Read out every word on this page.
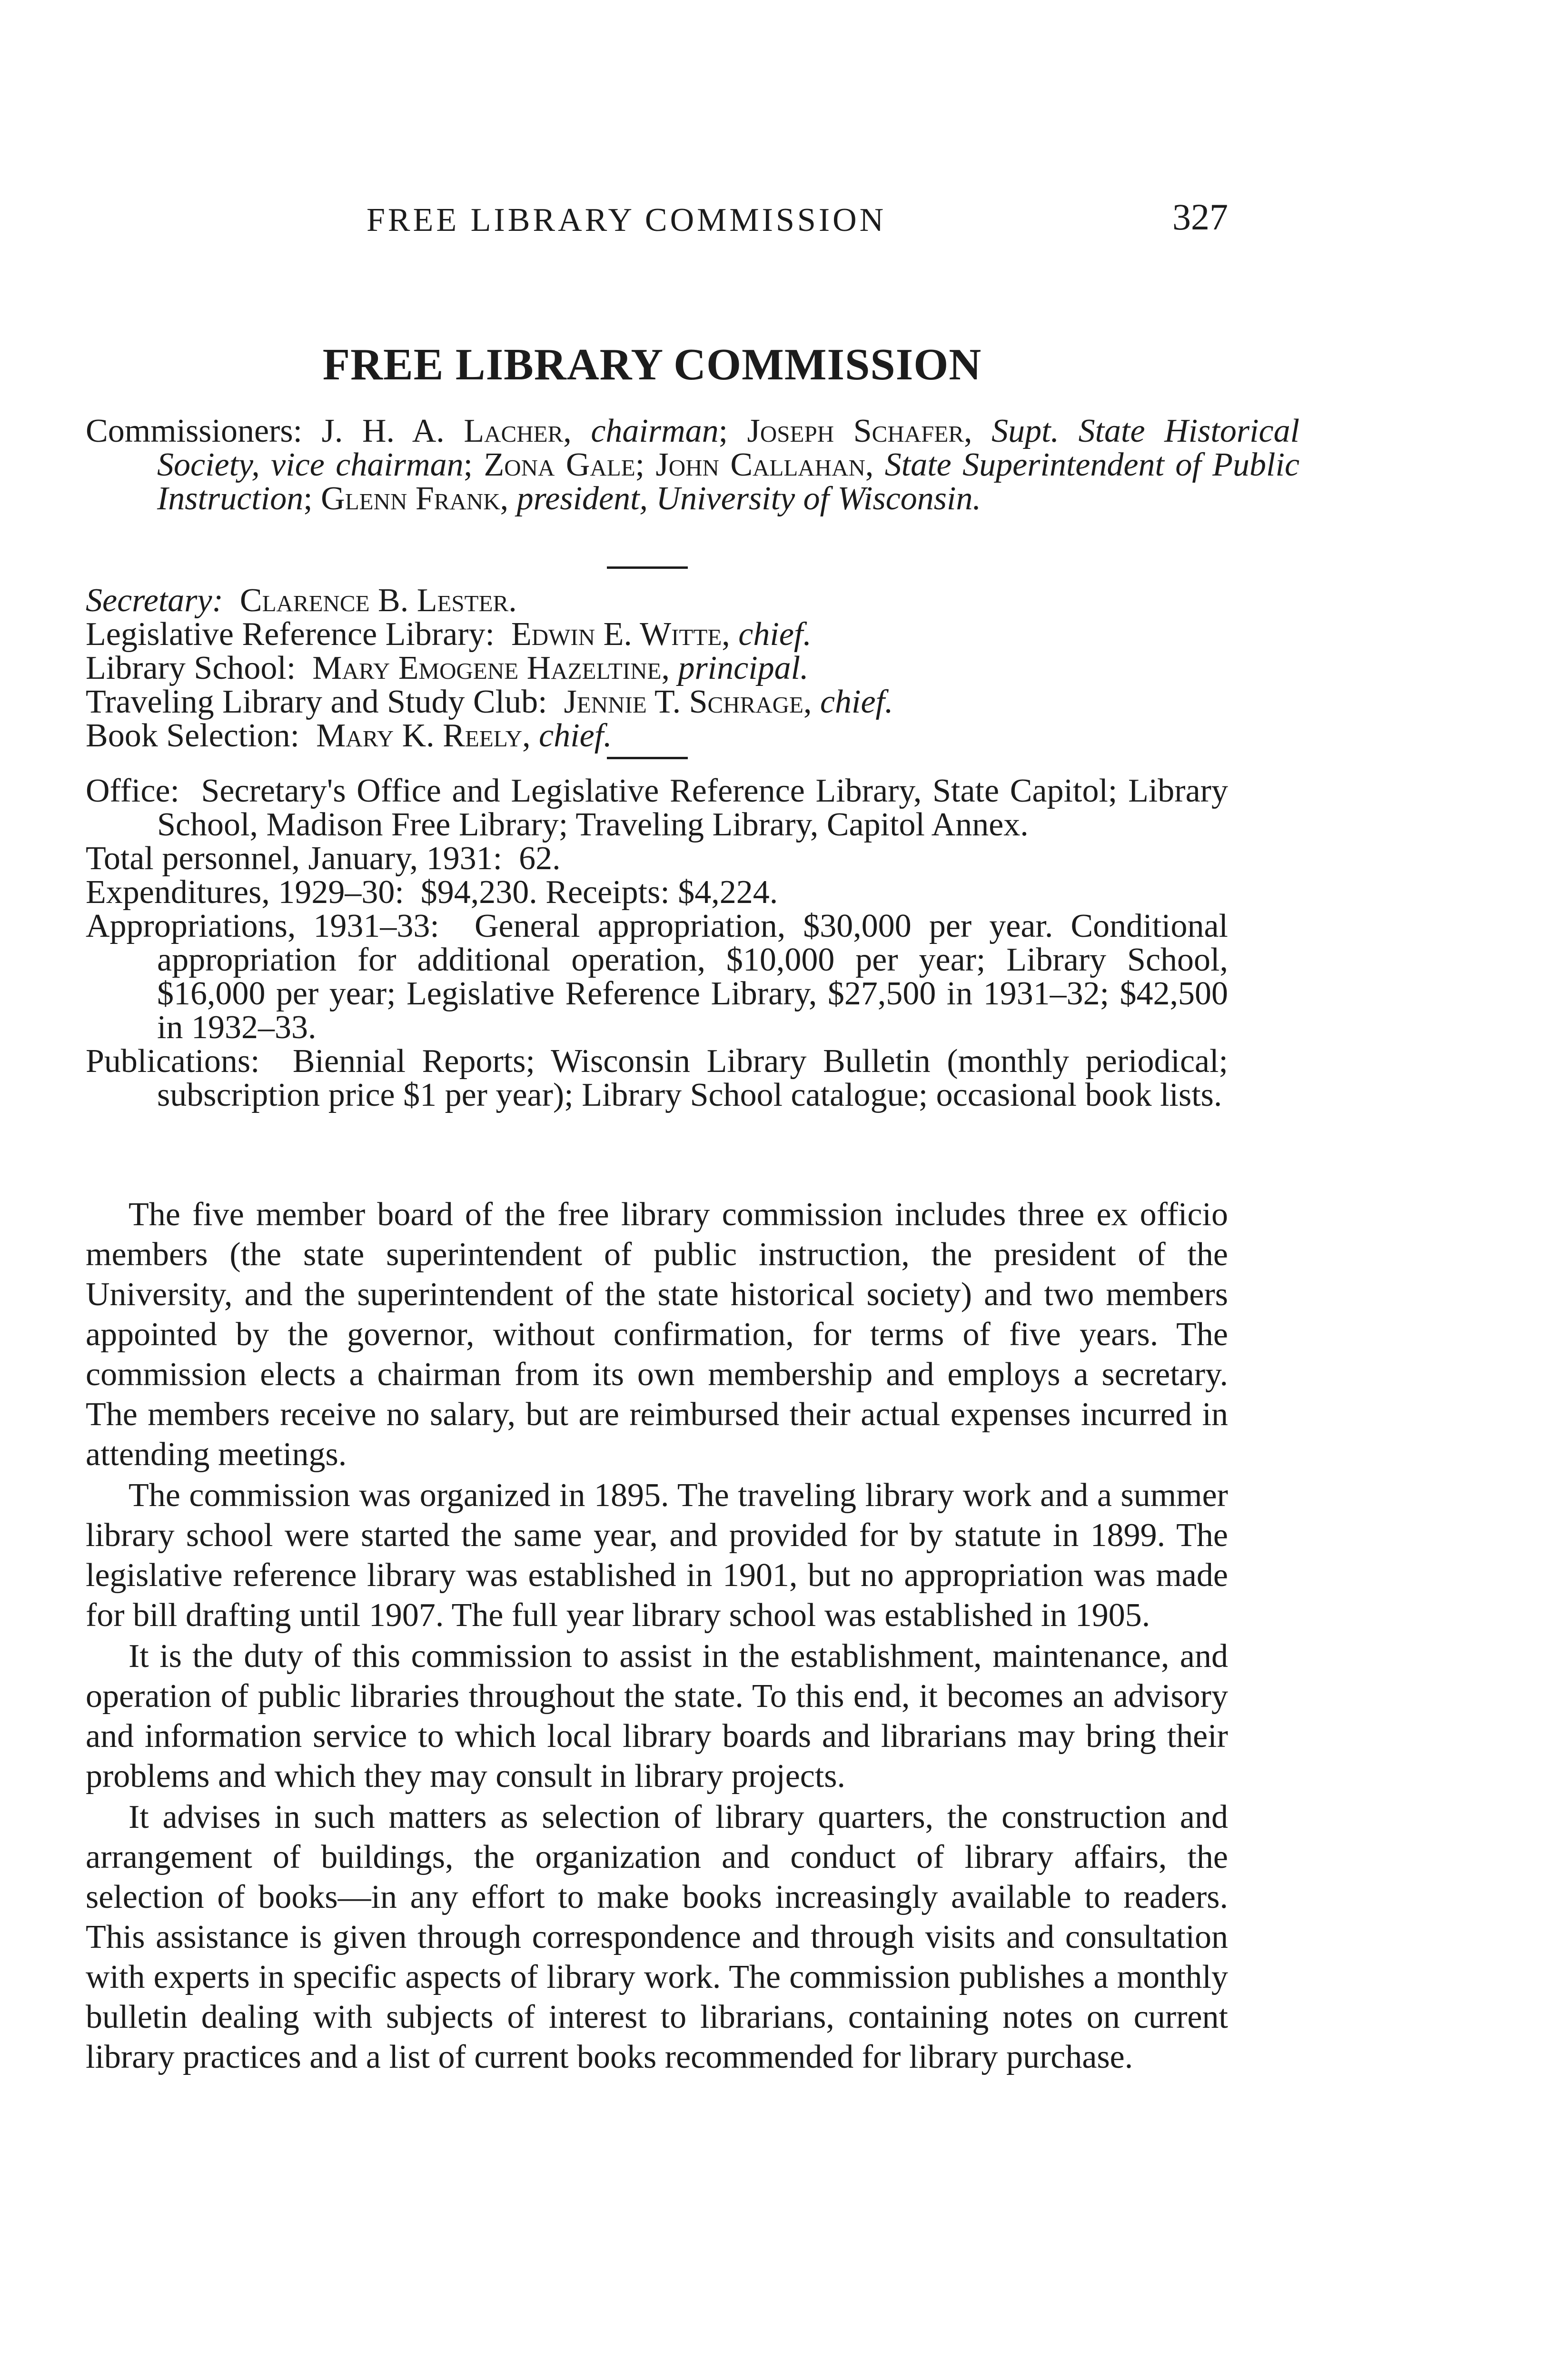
FREE LIBRARY COMMISSION	327
FREE LIBRARY COMMISSION
Commissioners: J. H. A. Lacher, chairman; Joseph Schafer, Supt. State Historical Society, vice chairman; Zona Gale; John Callahan, State Superintendent of Public Instruction; Glenn Frank, president, University of Wisconsin.
Secretary: Clarence B. Lester.
Legislative Reference Library: Edwin E. Witte, chief.
Library School: Mary Emogene Hazeltine, principal.
Traveling Library and Study Club: Jennie T. Schrage, chief.
Book Selection: Mary K. Reely, chief.
Office: Secretary's Office and Legislative Reference Library, State Capitol; Library School, Madison Free Library; Traveling Library, Capitol Annex.
Total personnel, January, 1931: 62.
Expenditures, 1929–30: $94,230. Receipts: $4,224.
Appropriations, 1931–33: General appropriation, $30,000 per year. Conditional appropriation for additional operation, $10,000 per year; Library School, $16,000 per year; Legislative Reference Library, $27,500 in 1931–32; $42,500 in 1932–33.
Publications: Biennial Reports; Wisconsin Library Bulletin (monthly periodical; subscription price $1 per year); Library School catalogue; occasional book lists.

The five member board of the free library commission includes three ex officio members (the state superintendent of public instruction, the president of the University, and the superintendent of the state historical society) and two members appointed by the governor, without confirmation, for terms of five years. The commission elects a chairman from its own membership and employs a secretary. The members receive no salary, but are reimbursed their actual expenses incurred in attending meetings.

The commission was organized in 1895. The traveling library work and a summer library school were started the same year, and provided for by statute in 1899. The legislative reference library was established in 1901, but no appropriation was made for bill drafting until 1907. The full year library school was established in 1905.

It is the duty of this commission to assist in the establishment, maintenance, and operation of public libraries throughout the state. To this end, it becomes an advisory and information service to which local library boards and librarians may bring their problems and which they may consult in library projects.

It advises in such matters as selection of library quarters, the construction and arrangement of buildings, the organization and conduct of library affairs, the selection of books—in any effort to make books increasingly available to readers. This assistance is given through correspondence and through visits and consultation with experts in specific aspects of library work. The commission publishes a monthly bulletin dealing with subjects of interest to librarians, containing notes on current library practices and a list of current books recommended for library purchase.
